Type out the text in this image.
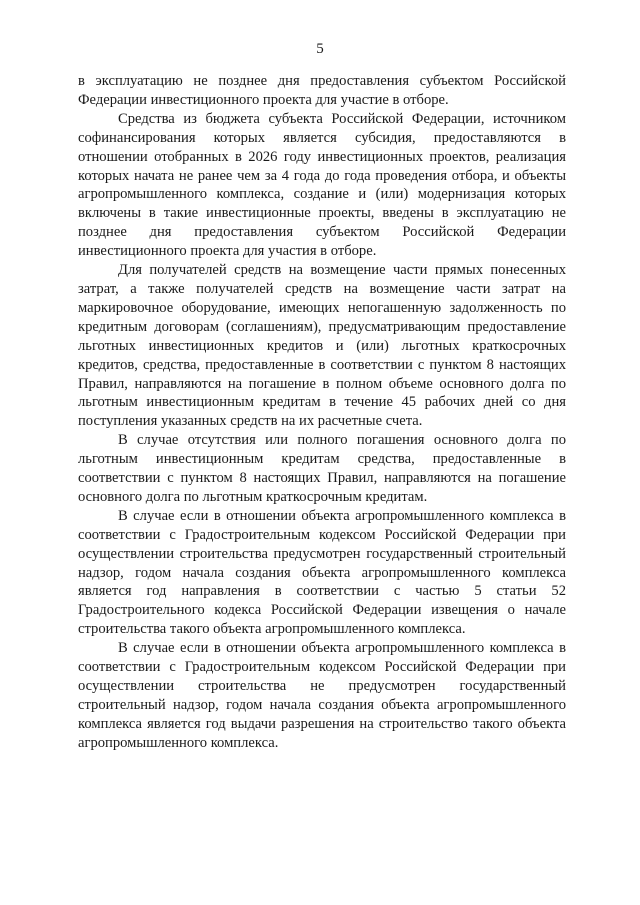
5

в эксплуатацию не позднее дня предоставления субъектом Российской Федерации инвестиционного проекта для участие в отборе.

Средства из бюджета субъекта Российской Федерации, источником софинансирования которых является субсидия, предоставляются в отношении отобранных в 2026 году инвестиционных проектов, реализация которых начата не ранее чем за 4 года до года проведения отбора, и объекты агропромышленного комплекса, создание и (или) модернизация которых включены в такие инвестиционные проекты, введены в эксплуатацию не позднее дня предоставления субъектом Российской Федерации инвестиционного проекта для участия в отборе.

Для получателей средств на возмещение части прямых понесенных затрат, а также получателей средств на возмещение части затрат на маркировочное оборудование, имеющих непогашенную задолженность по кредитным договорам (соглашениям), предусматривающим предоставление льготных инвестиционных кредитов и (или) льготных краткосрочных кредитов, средства, предоставленные в соответствии с пунктом 8 настоящих Правил, направляются на погашение в полном объеме основного долга по льготным инвестиционным кредитам в течение 45 рабочих дней со дня поступления указанных средств на их расчетные счета.

В случае отсутствия или полного погашения основного долга по льготным инвестиционным кредитам средства, предоставленные в соответствии с пунктом 8 настоящих Правил, направляются на погашение основного долга по льготным краткосрочным кредитам.

В случае если в отношении объекта агропромышленного комплекса в соответствии с Градостроительным кодексом Российской Федерации при осуществлении строительства предусмотрен государственный строительный надзор, годом начала создания объекта агропромышленного комплекса является год направления в соответствии с частью 5 статьи 52 Градостроительного кодекса Российской Федерации извещения о начале строительства такого объекта агропромышленного комплекса.

В случае если в отношении объекта агропромышленного комплекса в соответствии с Градостроительным кодексом Российской Федерации при осуществлении строительства не предусмотрен государственный строительный надзор, годом начала создания объекта агропромышленного комплекса является год выдачи разрешения на строительство такого объекта агропромышленного комплекса.
